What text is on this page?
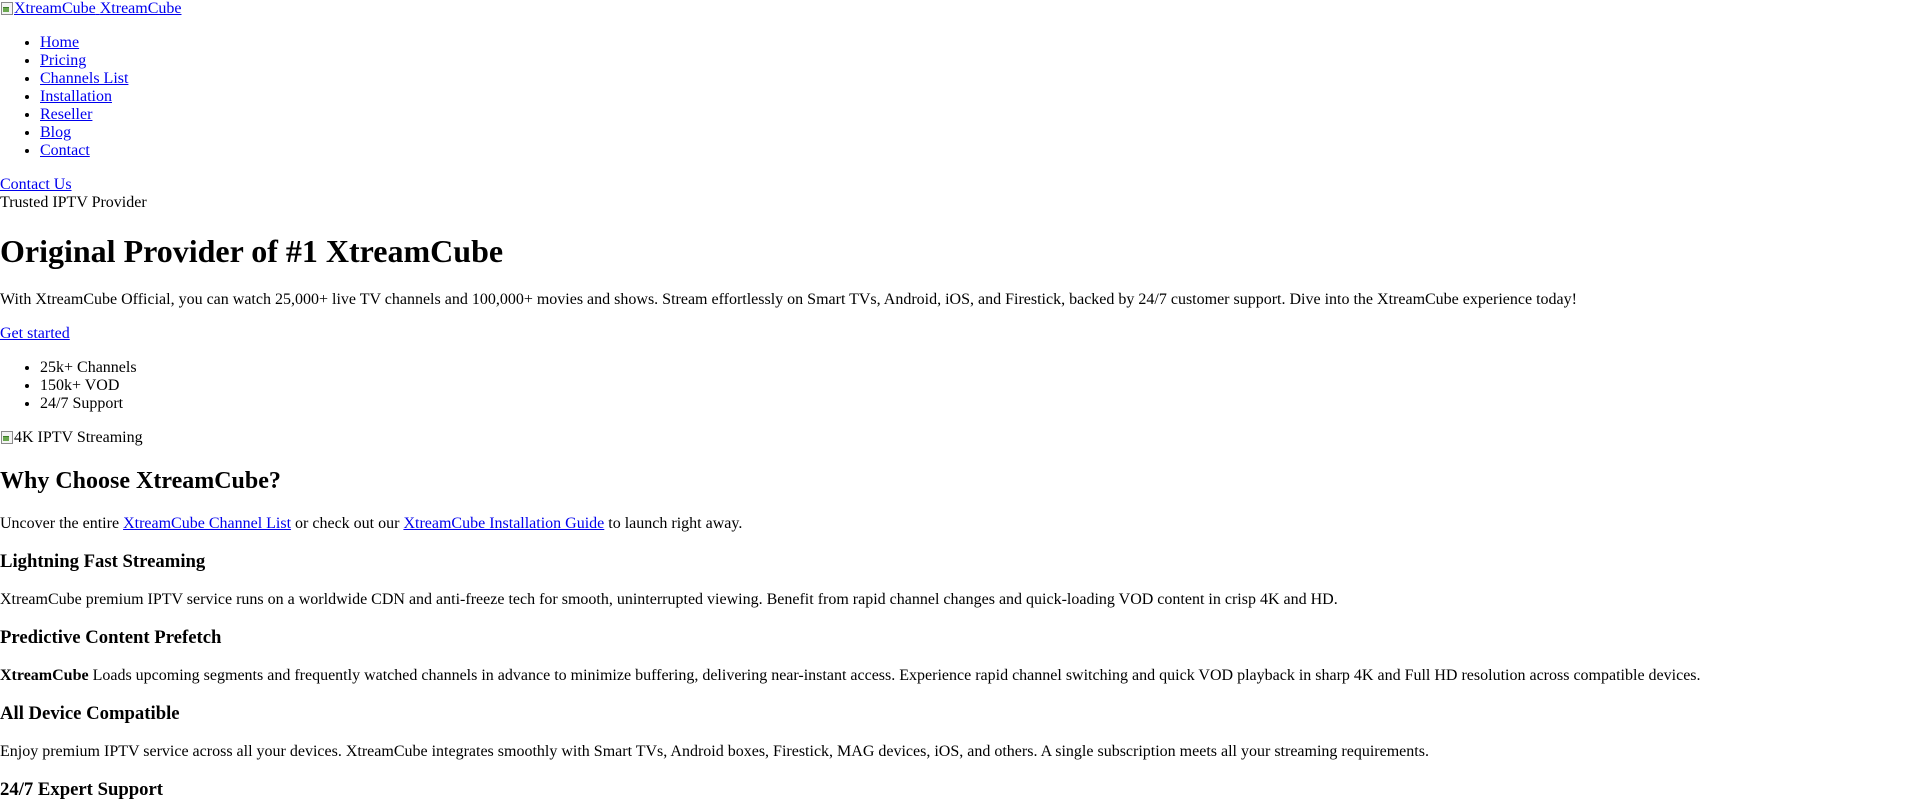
XtreamCube XtreamCube
• Home
• Pricing
• Channels List
• Installation
• Reseller
• Blog
• Contact
Contact Us
Trusted IPTV Provider
Original Provider of #1 XtreamCube

With XtreamCube Official, you can watch 25,000+ live TV channels and 100,000+ movies and shows. Stream effortlessly on Smart TVs, Android, iOS, and Firestick, backed by 24/7 customer support. Dive into the XtreamCube experience today!

Get started

• 25k+ Channels
• 150k+ VOD
• 24/7 Support
4K IPTV Streaming
Why Choose XtreamCube?

Uncover the entire XtreamCube Channel List or check out our XtreamCube Installation Guide to launch right away.

Lightning Fast Streaming

XtreamCube premium IPTV service runs on a worldwide CDN and anti-freeze tech for smooth, uninterrupted viewing. Benefit from rapid channel changes and quick-loading VOD content in crisp 4K and HD.

Predictive Content Prefetch

XtreamCube Loads upcoming segments and frequently watched channels in advance to minimize buffering, delivering near-instant access. Experience rapid channel switching and quick VOD playback in sharp 4K and Full HD resolution across compatible devices.

All Device Compatible

Enjoy premium IPTV service across all your devices. XtreamCube integrates smoothly with Smart TVs, Android boxes, Firestick, MAG devices, iOS, and others. A single subscription meets all your streaming requirements.

24/7 Expert Support
